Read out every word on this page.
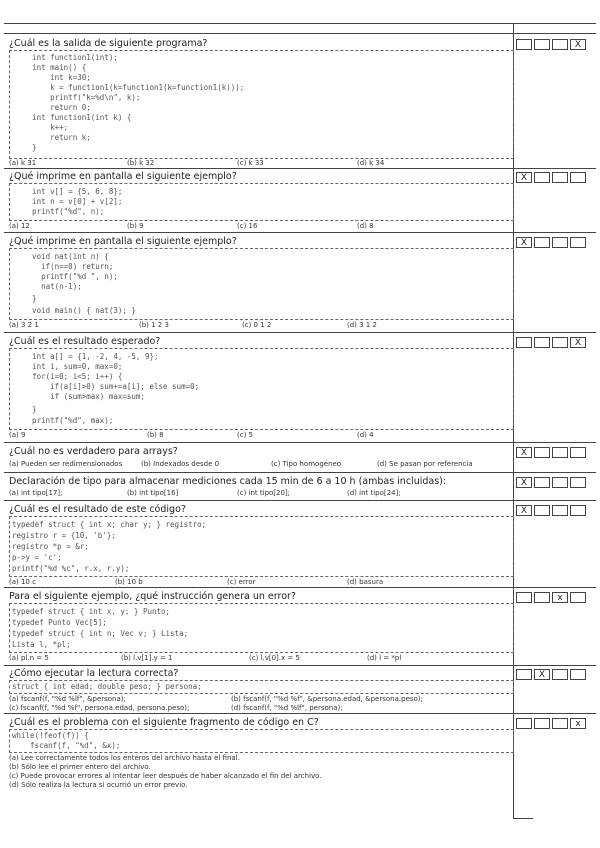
¿Cuál es la salida de siguiente programa?
int function1(int);
int main() {
int k=30;
k = function1(k=function1(k=function1(k)));
printf("k=%d\n", k);
return 0;
int function1(int k) {
k++;
return k;
}
(a) k 31	(b) k 32	(c) k 33	(d) k 34
X
¿Qué imprime en pantalla el siguiente ejemplo?
int v[] = {5, 6, 8};
int n = v[0] + v[2];
printf("%d", n);
(a) 12	(b) 9	(c) 16	(d) 8
X
¿Qué imprime en pantalla el siguiente ejemplo?
void nat(int n) {
if(n==0) return;
printf("%d ", n);
nat(n-1);
}
void main() { nat(3); }
(a) 3 2 1	(b) 1 2 3	(c) 0 1 2	(d) 3 1 2
X
¿Cuál es el resultado esperado?
int a[] = {1, -2, 4, -5, 9};
int i, sum=0, max=0;
for(i=0; i<5; i++) {
if(a[i]>0) sum+=a[i]; else sum=0;
if (sum>max) max=sum;
}
printf("%d", max);
(a) 9	(b) 8	(c) 5	(d) 4
X
¿Cuál no es verdadero para arrays?
(a) Pueden ser redimensionados	(b) Indexados desde 0	(c) Tipo homogéneo	(d) Se pasan por referencia
X
Declaración de tipo para almacenar mediciones cada 15 min de 6 a 10 h (ambas incluidas):
(a) int tipo[17];	(b) int tipo[16]	(c) int tipo[20];	(d) int tipo[24];
X
¿Cuál es el resultado de este código?
typedef struct { int x; char y; } registro;
registro r = {10, 'b'};
registro *p = &r;
p->y = 'c';
printf("%d %c", r.x, r.y);
(a) 10 c	(b) 10 b	(c) error	(d) basura
X
Para el siguiente ejemplo, ¿qué instrucción genera un error?
typedef struct { int x, y; } Punto;
typedef Punto Vec[5];
typedef struct { int n; Vec v; } Lista;
Lista l, *pl;
(a) pl.n = 5	(b) l.v[1].y = 1	(c) l.v[0].x = 5	(d) l = *pl
x
¿Cómo ejecutar la lectura correcta?
struct { int edad; double peso; } persona;
(a) fscanf(f, "%d %lf", &persona);	(b) fscanf(f, "%d %f", &persona.edad, &persona.peso);
(c) fscanf(f, "%d %f", persona.edad, persona.peso);	(d) fscanf(f, "%d %lf", persona);
X
¿Cuál es el problema con el siguiente fragmento de código en C?
while(!feof(f)) {
fscanf(f, "%d", &x);
(a) Lee correctamente todos los enteros del archivo hasta el final.
(b) Sólo lee el primer entero del archivo.
(c) Puede provocar errores al intentar leer después de haber alcanzado el fin del archivo.
(d) Sólo realiza la lectura si ocurrió un error previo.
x
